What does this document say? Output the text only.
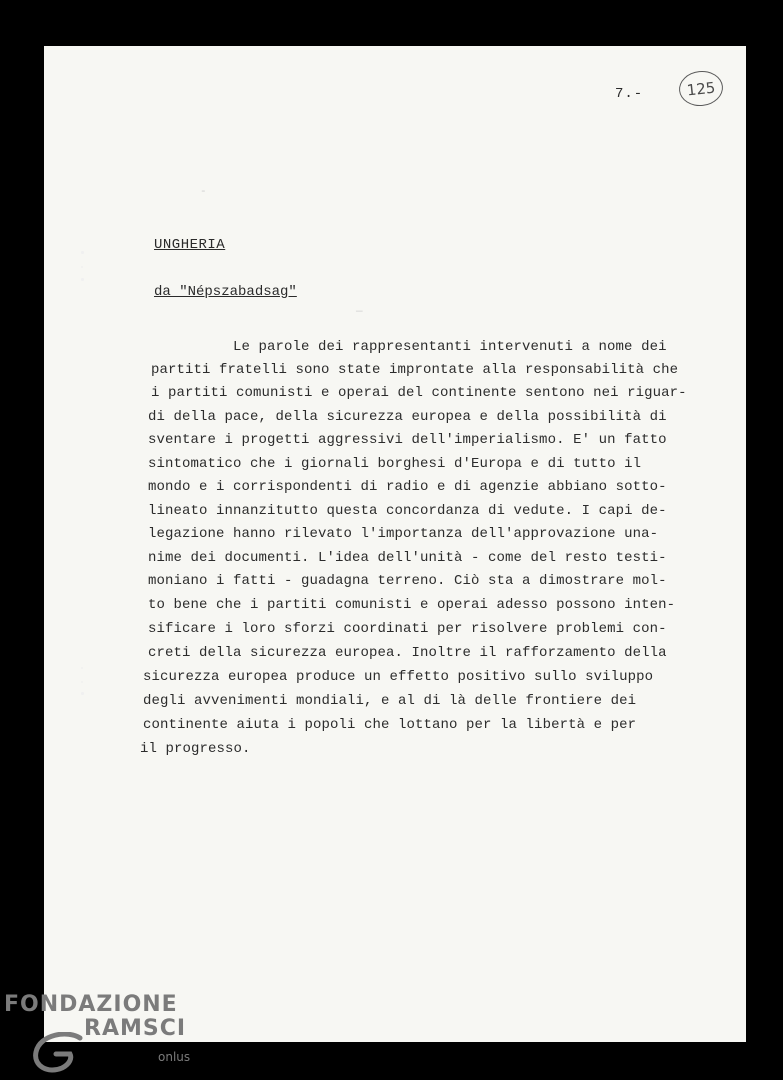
7.-	125
-
—
UNGHERIA
da "Népszabadsag"
Le parole dei rappresentanti intervenuti a nome dei
partiti fratelli sono state improntate alla responsabilità che
i partiti comunisti e operai del continente sentono nei riguar-
di della pace, della sicurezza europea e della possibilità di
sventare i progetti aggressivi dell'imperialismo. E' un fatto
sintomatico che i giornali borghesi d'Europa e di tutto il
mondo e i corrispondenti di radio e di agenzie abbiano sotto-
lineato innanzitutto questa concordanza di vedute. I capi de-
legazione hanno rilevato l'importanza dell'approvazione una-
nime dei documenti. L'idea dell'unità - come del resto testi-
moniano i fatti - guadagna terreno. Ciò sta a dimostrare mol-
to bene che i partiti comunisti e operai adesso possono inten-
sificare i loro sforzi coordinati per risolvere problemi con-
creti della sicurezza europea. Inoltre il rafforzamento della
sicurezza europea produce un effetto positivo sullo sviluppo
degli avvenimenti mondiali, e al di là delle frontiere dei
continente aiuta i popoli che lottano per la libertà e per
il progresso.
FONDAZIONE
RAMSCI
onlus
